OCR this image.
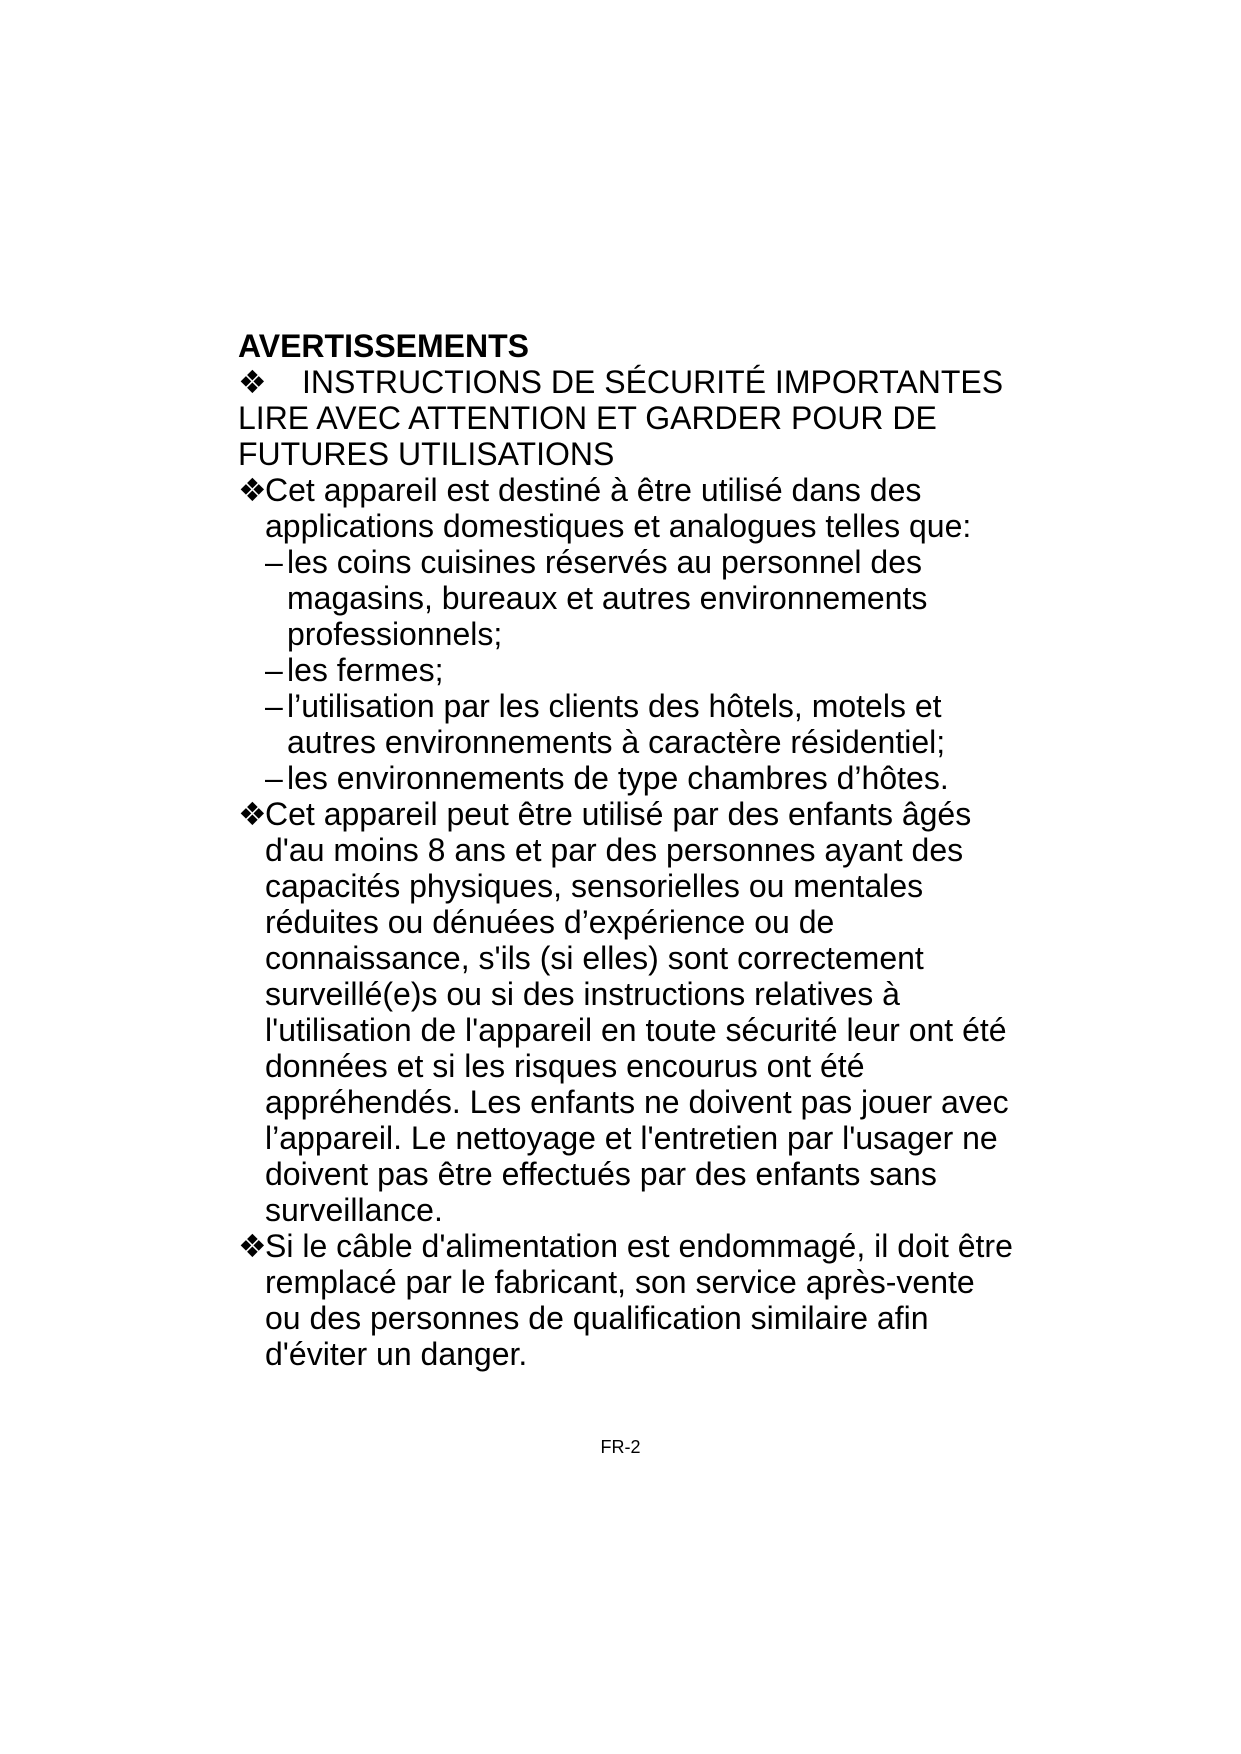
AVERTISSEMENTS
❖ INSTRUCTIONS DE SÉCURITÉ IMPORTANTES
LIRE AVEC ATTENTION ET GARDER POUR DE
FUTURES UTILISATIONS
❖
Cet appareil est destiné à être utilisé dans des applications domestiques et analogues telles que:
– les coins cuisines réservés au personnel des magasins, bureaux et autres environnements professionnels;
– les fermes;
– l’utilisation par les clients des hôtels, motels et autres environnements à caractère résidentiel;
– les environnements de type chambres d’hôtes.
❖
Cet appareil peut être utilisé par des enfants âgés d'au moins 8 ans et par des personnes ayant des capacités physiques, sensorielles ou mentales réduites ou dénuées d’expérience ou de connaissance, s'ils (si elles) sont correctement surveillé(e)s ou si des instructions relatives à l'utilisation de l'appareil en toute sécurité leur ont été données et si les risques encourus ont été appréhendés. Les enfants ne doivent pas jouer avec l’appareil. Le nettoyage et l'entretien par l'usager ne doivent pas être effectués par des enfants sans surveillance.
❖
Si le câble d'alimentation est endommagé, il doit être remplacé par le fabricant, son service après-vente ou des personnes de qualification similaire afin d'éviter un danger.
FR-2
